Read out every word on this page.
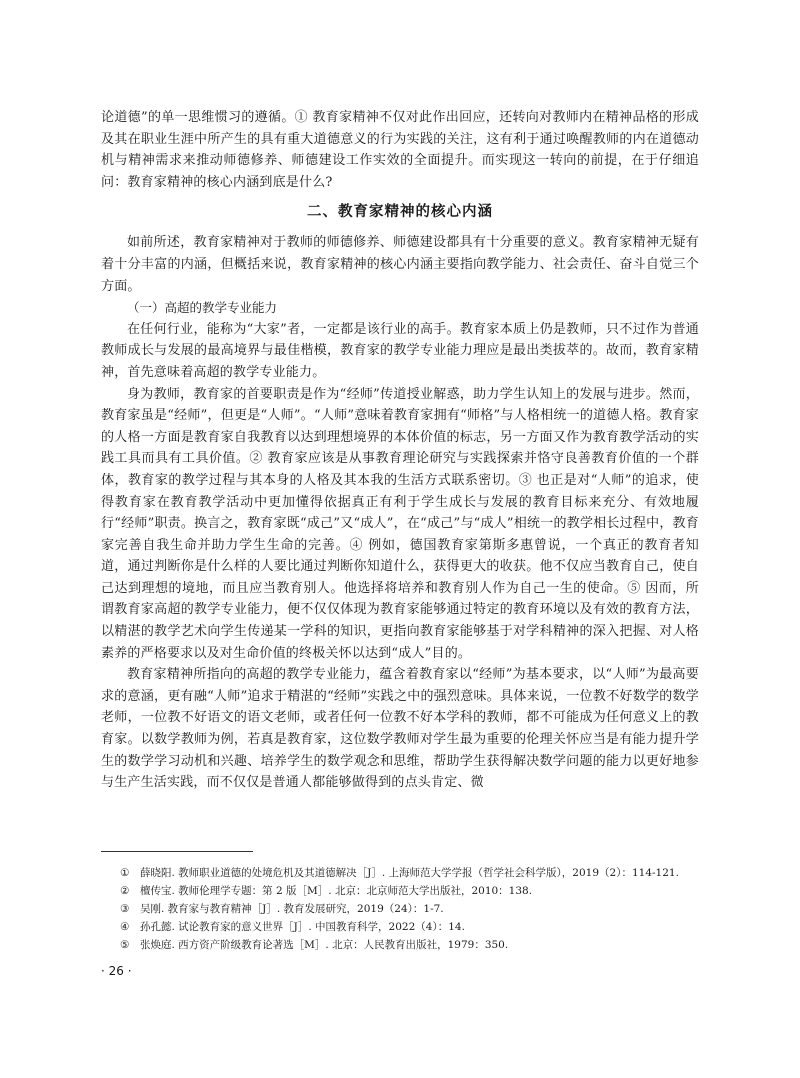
论道德”的单一思维惯习的遵循。① 教育家精神不仅对此作出回应，还转向对教师内在精神品格的形成及其在职业生涯中所产生的具有重大道德意义的行为实践的关注，这有利于通过唤醒教师的内在道德动机与精神需求来推动师德修养、师德建设工作实效的全面提升。而实现这一转向的前提，在于仔细追问：教育家精神的核心内涵到底是什么?

二、教育家精神的核心内涵

如前所述，教育家精神对于教师的师德修养、师德建设都具有十分重要的意义。教育家精神无疑有着十分丰富的内涵，但概括来说，教育家精神的核心内涵主要指向教学能力、社会责任、奋斗自觉三个方面。

（一）高超的教学专业能力

在任何行业，能称为“大家”者，一定都是该行业的高手。教育家本质上仍是教师，只不过作为普通教师成长与发展的最高境界与最佳楷模，教育家的教学专业能力理应是最出类拔萃的。故而，教育家精神，首先意味着高超的教学专业能力。

身为教师，教育家的首要职责是作为“经师”传道授业解惑，助力学生认知上的发展与进步。然而，教育家虽是“经师”，但更是“人师”。“人师”意味着教育家拥有“师格”与人格相统一的道德人格。教育家的人格一方面是教育家自我教育以达到理想境界的本体价值的标志，另一方面又作为教育教学活动的实践工具而具有工具价值。② 教育家应该是从事教育理论研究与实践探索并恪守良善教育价值的一个群体，教育家的教学过程与其本身的人格及其本我的生活方式联系密切。③ 也正是对“人师”的追求，使得教育家在教育教学活动中更加懂得依据真正有利于学生成长与发展的教育目标来充分、有效地履行“经师”职责。换言之，教育家既“成己”又“成人”，在“成己”与“成人”相统一的教学相长过程中，教育家完善自我生命并助力学生生命的完善。④ 例如，德国教育家第斯多惠曾说，一个真正的教育者知道，通过判断你是什么样的人要比通过判断你知道什么，获得更大的收获。他不仅应当教育自己，使自己达到理想的境地，而且应当教育别人。他选择将培养和教育别人作为自己一生的使命。⑤ 因而，所谓教育家高超的教学专业能力，便不仅仅体现为教育家能够通过特定的教育环境以及有效的教育方法，以精湛的教学艺术向学生传递某一学科的知识，更指向教育家能够基于对学科精神的深入把握、对人格素养的严格要求以及对生命价值的终极关怀以达到“成人”目的。

教育家精神所指向的高超的教学专业能力，蕴含着教育家以“经师”为基本要求，以“人师”为最高要求的意涵，更有融“人师”追求于精湛的“经师”实践之中的强烈意味。具体来说，一位教不好数学的数学老师，一位教不好语文的语文老师，或者任何一位教不好本学科的教师，都不可能成为任何意义上的教育家。以数学教师为例，若真是教育家，这位数学教师对学生最为重要的伦理关怀应当是有能力提升学生的数学学习动机和兴趣、培养学生的数学观念和思维，帮助学生获得解决数学问题的能力以更好地参与生产生活实践，而不仅仅是普通人都能够做得到的点头肯定、微

① 薛晓阳. 教师职业道德的处境危机及其道德解决［J］. 上海师范大学学报（哲学社会科学版），2019（2）：114-121.

② 檀传宝. 教师伦理学专题：第 2 版［M］. 北京：北京师范大学出版社，2010：138.

③ 吴刚. 教育家与教育精神［J］. 教育发展研究，2019（24）：1-7.

④ 孙孔懿. 试论教育家的意义世界［J］. 中国教育科学，2022（4）：14.

⑤ 张焕庭. 西方资产阶级教育论著选［M］. 北京：人民教育出版社，1979：350.

· 26 ·
